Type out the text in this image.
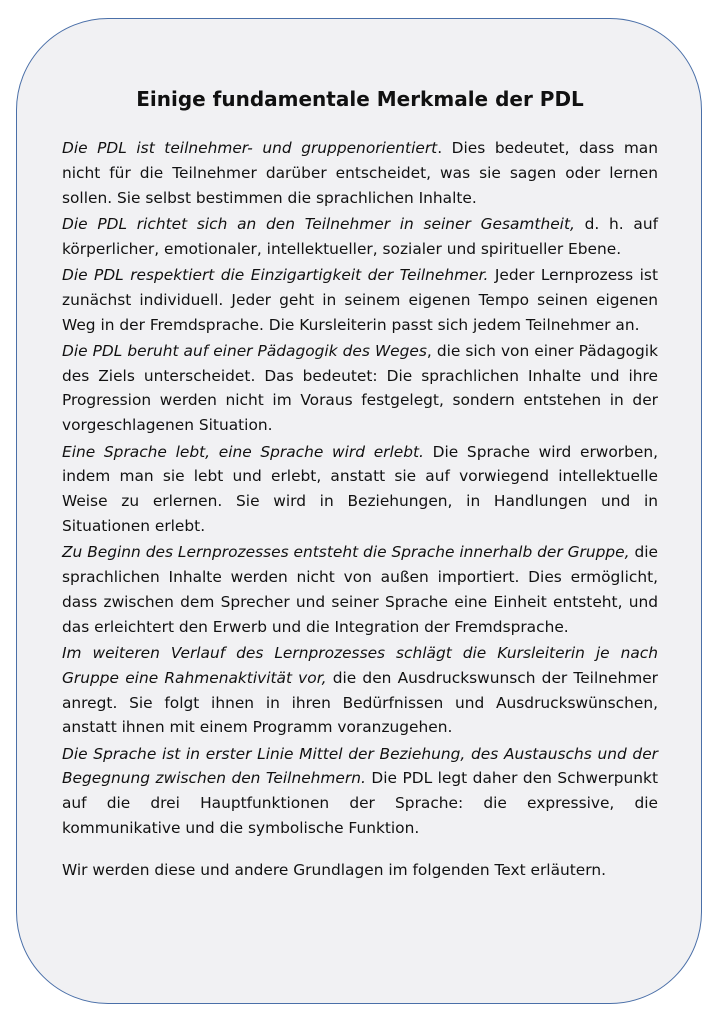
Einige fundamentale Merkmale der PDL

Die PDL ist teilnehmer- und gruppenorientiert. Dies bedeutet, dass man nicht für die Teilnehmer darüber entscheidet, was sie sagen oder lernen sollen. Sie selbst bestimmen die sprachlichen Inhalte.

Die PDL richtet sich an den Teilnehmer in seiner Gesamtheit, d. h. auf körperlicher, emotionaler, intellektueller, sozialer und spiritueller Ebene.

Die PDL respektiert die Einzigartigkeit der Teilnehmer. Jeder Lernprozess ist zunächst individuell. Jeder geht in seinem eigenen Tempo seinen eigenen Weg in der Fremdsprache. Die Kursleiterin passt sich jedem Teilnehmer an.

Die PDL beruht auf einer Pädagogik des Weges, die sich von einer Pädagogik des Ziels unterscheidet. Das bedeutet: Die sprachlichen Inhalte und ihre Progression werden nicht im Voraus festgelegt, sondern entstehen in der vorgeschlagenen Situation.

Eine Sprache lebt, eine Sprache wird erlebt. Die Sprache wird erworben, indem man sie lebt und erlebt, anstatt sie auf vorwiegend intellektuelle Weise zu erlernen. Sie wird in Beziehungen, in Handlungen und in Situationen erlebt.

Zu Beginn des Lernprozesses entsteht die Sprache innerhalb der Gruppe, die sprachlichen Inhalte werden nicht von außen importiert. Dies ermöglicht, dass zwischen dem Sprecher und seiner Sprache eine Einheit entsteht, und das erleichtert den Erwerb und die Integration der Fremdsprache.

Im weiteren Verlauf des Lernprozesses schlägt die Kursleiterin je nach Gruppe eine Rahmenaktivität vor, die den Ausdruckswunsch der Teilnehmer anregt. Sie folgt ihnen in ihren Bedürfnissen und Ausdruckswünschen, anstatt ihnen mit einem Programm voranzugehen.

Die Sprache ist in erster Linie Mittel der Beziehung, des Austauschs und der Begegnung zwischen den Teilnehmern. Die PDL legt daher den Schwerpunkt auf die drei Hauptfunktionen der Sprache: die expressive, die kommunikative und die symbolische Funktion.

Wir werden diese und andere Grundlagen im folgenden Text erläutern.
